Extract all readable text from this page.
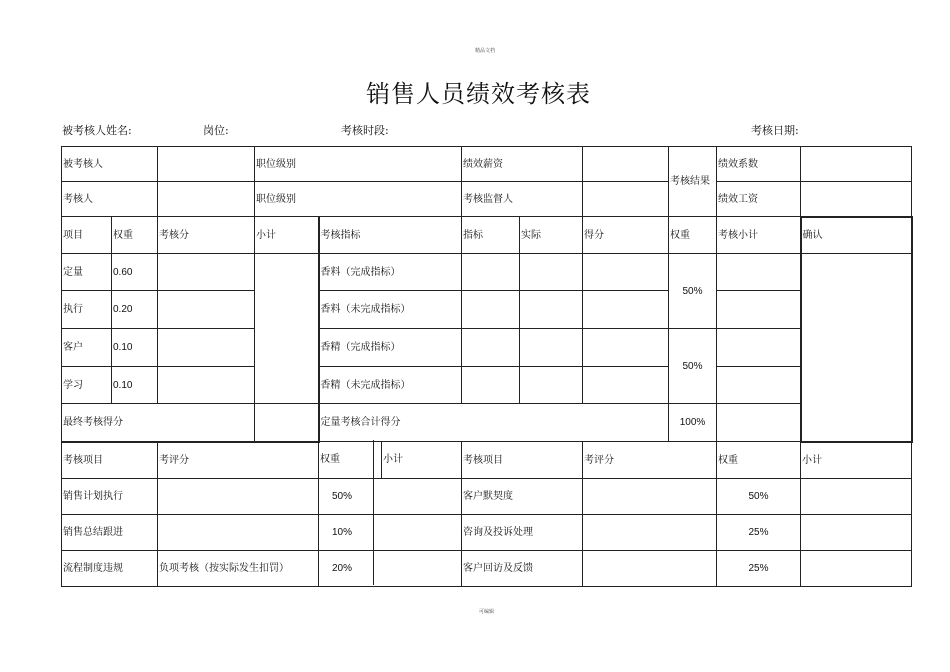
精品文档
销售人员绩效考核表
被考核人姓名:	岗位:	考核时段:	考核日期:
被考核人			职位级别		绩效薪资			考核结果	绩效系数	
考核人			职位级别		考核监督人				绩效工资	
项目	权重	考核分	小计	考核指标	指标	实际	得分	权重	考核小计	确认
定量	0.60			香料（完成指标）				50%		
执行	0.20			香料（未完成指标）						
客户	0.10			香精（完成指标）				50%		
学习	0.10			香精（未完成指标）						
最终考核得分				定量考核合计得分				100%		
考核项目		考评分		权重 小计	考核项目		考评分		权重	小计
销售计划执行				50%	客户默契度				50%	
销售总结跟进				10%	咨询及投诉处理				25%	
流程制度违规		负项考核（按实际发生扣罚）		20%	客户回访及反馈				25%	
可编辑
